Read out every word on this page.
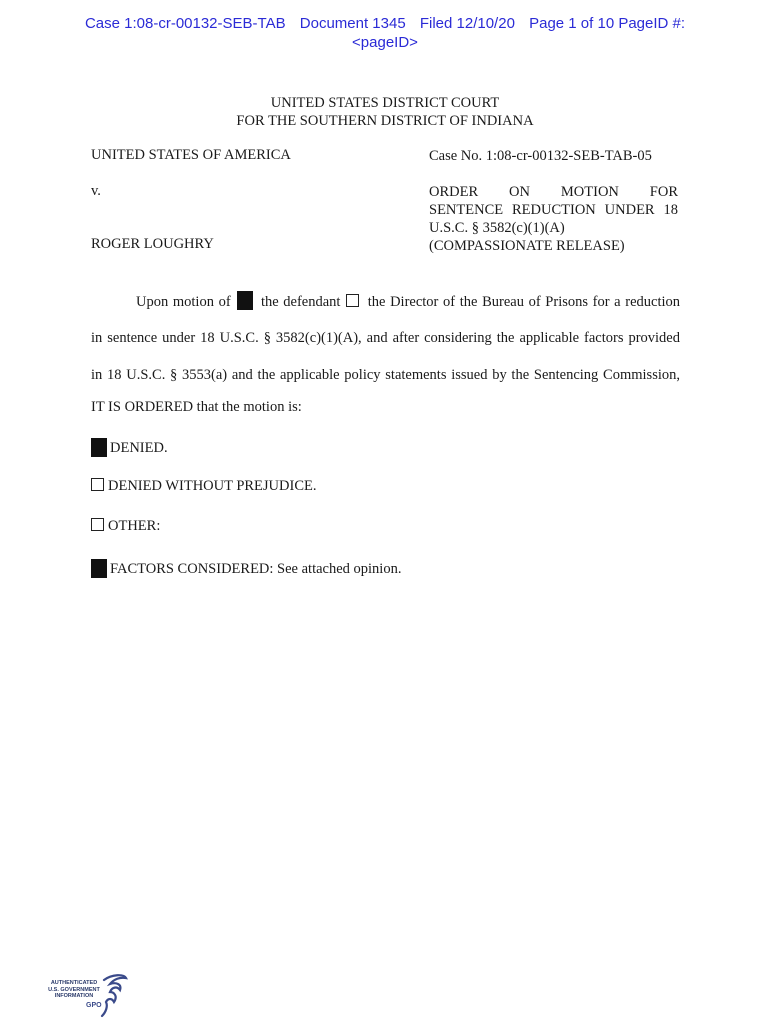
Case 1:08-cr-00132-SEB-TAB Document 1345 Filed 12/10/20 Page 1 of 10 PageID #:
<pageID>
UNITED STATES DISTRICT COURT
FOR THE SOUTHERN DISTRICT OF INDIANA
UNITED STATES OF AMERICA
v.
ROGER LOUGHRY
Case No. 1:08-cr-00132-SEB-TAB-05
ORDER ON MOTION FOR
SENTENCE REDUCTION UNDER 18
U.S.C. § 3582(c)(1)(A)
(COMPASSIONATE RELEASE)
Upon motion of the defendant the Director of the Bureau of Prisons for a reduction
in sentence under 18 U.S.C. § 3582(c)(1)(A), and after considering the applicable factors provided
in 18 U.S.C. § 3553(a) and the applicable policy statements issued by the Sentencing Commission,
IT IS ORDERED that the motion is:
DENIED.
DENIED WITHOUT PREJUDICE.
OTHER:
FACTORS CONSIDERED: See attached opinion.
AUTHENTICATED
U.S. GOVERNMENT
INFORMATION
GPO
